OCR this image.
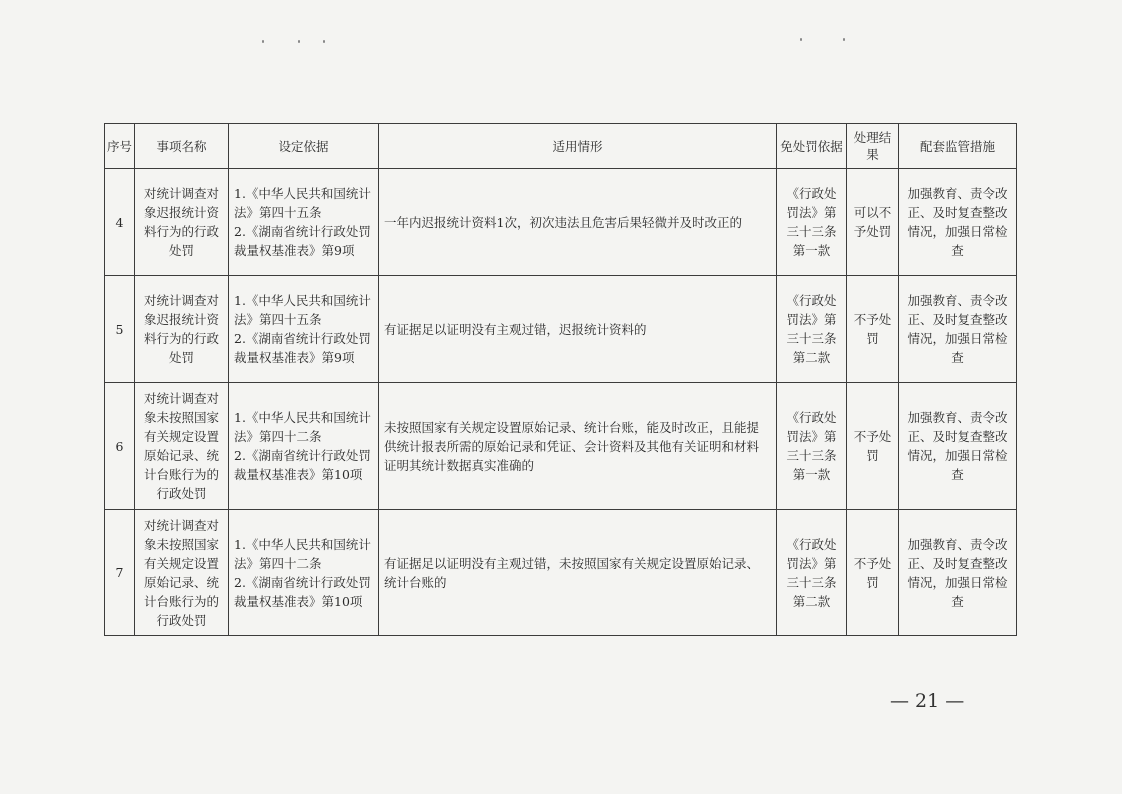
序号	事项名称	设定依据	适用情形	免处罚依据	处理结果	配套监管措施
4	对统计调查对象迟报统计资料行为的行政处罚	1.《中华人民共和国统计法》第四十五条
2.《湖南省统计行政处罚裁量权基准表》第9项	一年内迟报统计资料1次，初次违法且危害后果轻微并及时改正的	《行政处罚法》第三十三条第一款	可以不予处罚	加强教育、责令改正、及时复查整改情况，加强日常检查
5	对统计调查对象迟报统计资料行为的行政处罚	1.《中华人民共和国统计法》第四十五条
2.《湖南省统计行政处罚裁量权基准表》第9项	有证据足以证明没有主观过错，迟报统计资料的	《行政处罚法》第三十三条第二款	不予处罚	加强教育、责令改正、及时复查整改情况，加强日常检查
6	对统计调查对象未按照国家有关规定设置原始记录、统计台账行为的行政处罚	1.《中华人民共和国统计法》第四十二条
2.《湖南省统计行政处罚裁量权基准表》第10项	未按照国家有关规定设置原始记录、统计台账，能及时改正，且能提供统计报表所需的原始记录和凭证、会计资料及其他有关证明和材料证明其统计数据真实准确的	《行政处罚法》第三十三条第一款	不予处罚	加强教育、责令改正、及时复查整改情况，加强日常检查
7	对统计调查对象未按照国家有关规定设置原始记录、统计台账行为的行政处罚	1.《中华人民共和国统计法》第四十二条
2.《湖南省统计行政处罚裁量权基准表》第10项	有证据足以证明没有主观过错，未按照国家有关规定设置原始记录、统计台账的	《行政处罚法》第三十三条第二款	不予处罚	加强教育、责令改正、及时复查整改情况，加强日常检查
— 21 —
